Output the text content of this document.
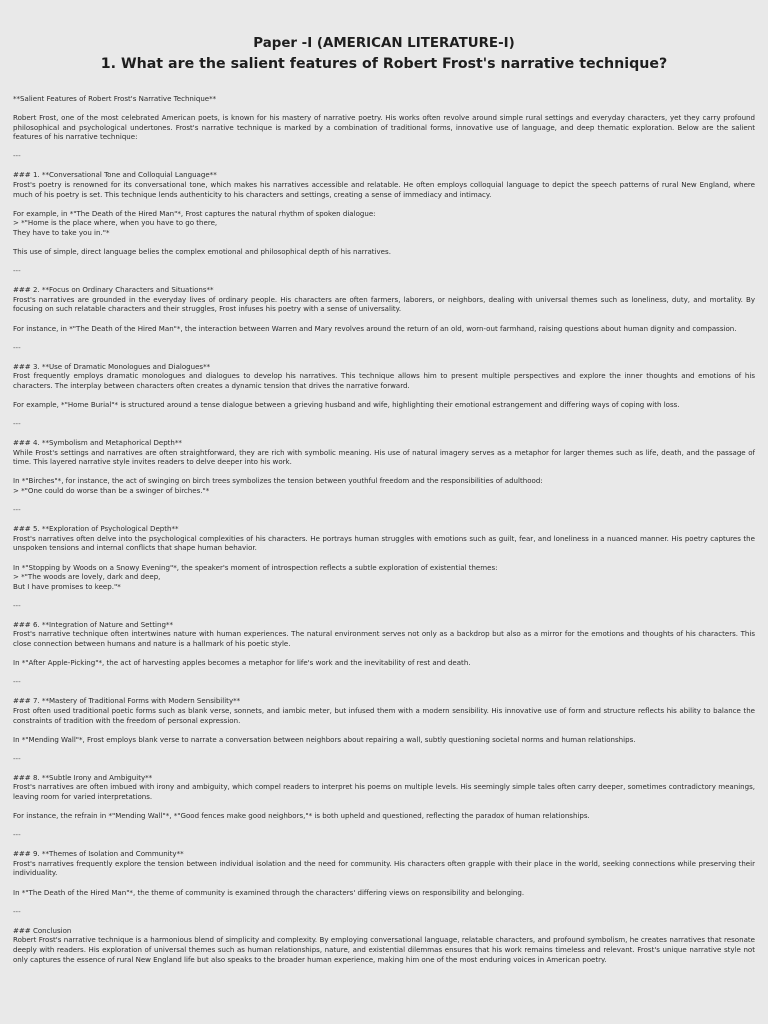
Paper -I (AMERICAN LITERATURE-I)
1. What are the salient features of Robert Frost's narrative technique?

**Salient Features of Robert Frost's Narrative Technique**

Robert Frost, one of the most celebrated American poets, is known for his mastery of narrative poetry. His works often revolve around simple rural settings and everyday characters, yet they carry profound philosophical and psychological undertones. Frost's narrative technique is marked by a combination of traditional forms, innovative use of language, and deep thematic exploration. Below are the salient features of his narrative technique:

---

### 1. **Conversational Tone and Colloquial Language**

Frost's poetry is renowned for its conversational tone, which makes his narratives accessible and relatable. He often employs colloquial language to depict the speech patterns of rural New England, where much of his poetry is set. This technique lends authenticity to his characters and settings, creating a sense of immediacy and intimacy.

For example, in *"The Death of the Hired Man"*, Frost captures the natural rhythm of spoken dialogue:
> *"Home is the place where, when you have to go there,
They have to take you in."*

This use of simple, direct language belies the complex emotional and philosophical depth of his narratives.

---

### 2. **Focus on Ordinary Characters and Situations**

Frost's narratives are grounded in the everyday lives of ordinary people. His characters are often farmers, laborers, or neighbors, dealing with universal themes such as loneliness, duty, and mortality. By focusing on such relatable characters and their struggles, Frost infuses his poetry with a sense of universality.

For instance, in *"The Death of the Hired Man"*, the interaction between Warren and Mary revolves around the return of an old, worn-out farmhand, raising questions about human dignity and compassion.

---

### 3. **Use of Dramatic Monologues and Dialogues**

Frost frequently employs dramatic monologues and dialogues to develop his narratives. This technique allows him to present multiple perspectives and explore the inner thoughts and emotions of his characters. The interplay between characters often creates a dynamic tension that drives the narrative forward.

For example, *"Home Burial"* is structured around a tense dialogue between a grieving husband and wife, highlighting their emotional estrangement and differing ways of coping with loss.

---

### 4. **Symbolism and Metaphorical Depth**

While Frost's settings and narratives are often straightforward, they are rich with symbolic meaning. His use of natural imagery serves as a metaphor for larger themes such as life, death, and the passage of time. This layered narrative style invites readers to delve deeper into his work.

In *"Birches"*, for instance, the act of swinging on birch trees symbolizes the tension between youthful freedom and the responsibilities of adulthood:
> *"One could do worse than be a swinger of birches."*

---

### 5. **Exploration of Psychological Depth**

Frost's narratives often delve into the psychological complexities of his characters. He portrays human struggles with emotions such as guilt, fear, and loneliness in a nuanced manner. His poetry captures the unspoken tensions and internal conflicts that shape human behavior.

In *"Stopping by Woods on a Snowy Evening"*, the speaker's moment of introspection reflects a subtle exploration of existential themes:
> *"The woods are lovely, dark and deep,
But I have promises to keep."*

---

### 6. **Integration of Nature and Setting**

Frost's narrative technique often intertwines nature with human experiences. The natural environment serves not only as a backdrop but also as a mirror for the emotions and thoughts of his characters. This close connection between humans and nature is a hallmark of his poetic style.

In *"After Apple-Picking"*, the act of harvesting apples becomes a metaphor for life's work and the inevitability of rest and death.

---

### 7. **Mastery of Traditional Forms with Modern Sensibility**

Frost often used traditional poetic forms such as blank verse, sonnets, and iambic meter, but infused them with a modern sensibility. His innovative use of form and structure reflects his ability to balance the constraints of tradition with the freedom of personal expression.

In *"Mending Wall"*, Frost employs blank verse to narrate a conversation between neighbors about repairing a wall, subtly questioning societal norms and human relationships.

---

### 8. **Subtle Irony and Ambiguity**

Frost's narratives are often imbued with irony and ambiguity, which compel readers to interpret his poems on multiple levels. His seemingly simple tales often carry deeper, sometimes contradictory meanings, leaving room for varied interpretations.

For instance, the refrain in *"Mending Wall"*, *"Good fences make good neighbors,"* is both upheld and questioned, reflecting the paradox of human relationships.

---

### 9. **Themes of Isolation and Community**

Frost's narratives frequently explore the tension between individual isolation and the need for community. His characters often grapple with their place in the world, seeking connections while preserving their individuality.

In *"The Death of the Hired Man"*, the theme of community is examined through the characters' differing views on responsibility and belonging.

---

### Conclusion

Robert Frost's narrative technique is a harmonious blend of simplicity and complexity. By employing conversational language, relatable characters, and profound symbolism, he creates narratives that resonate deeply with readers. His exploration of universal themes such as human relationships, nature, and existential dilemmas ensures that his work remains timeless and relevant. Frost's unique narrative style not only captures the essence of rural New England life but also speaks to the broader human experience, making him one of the most enduring voices in American poetry.
